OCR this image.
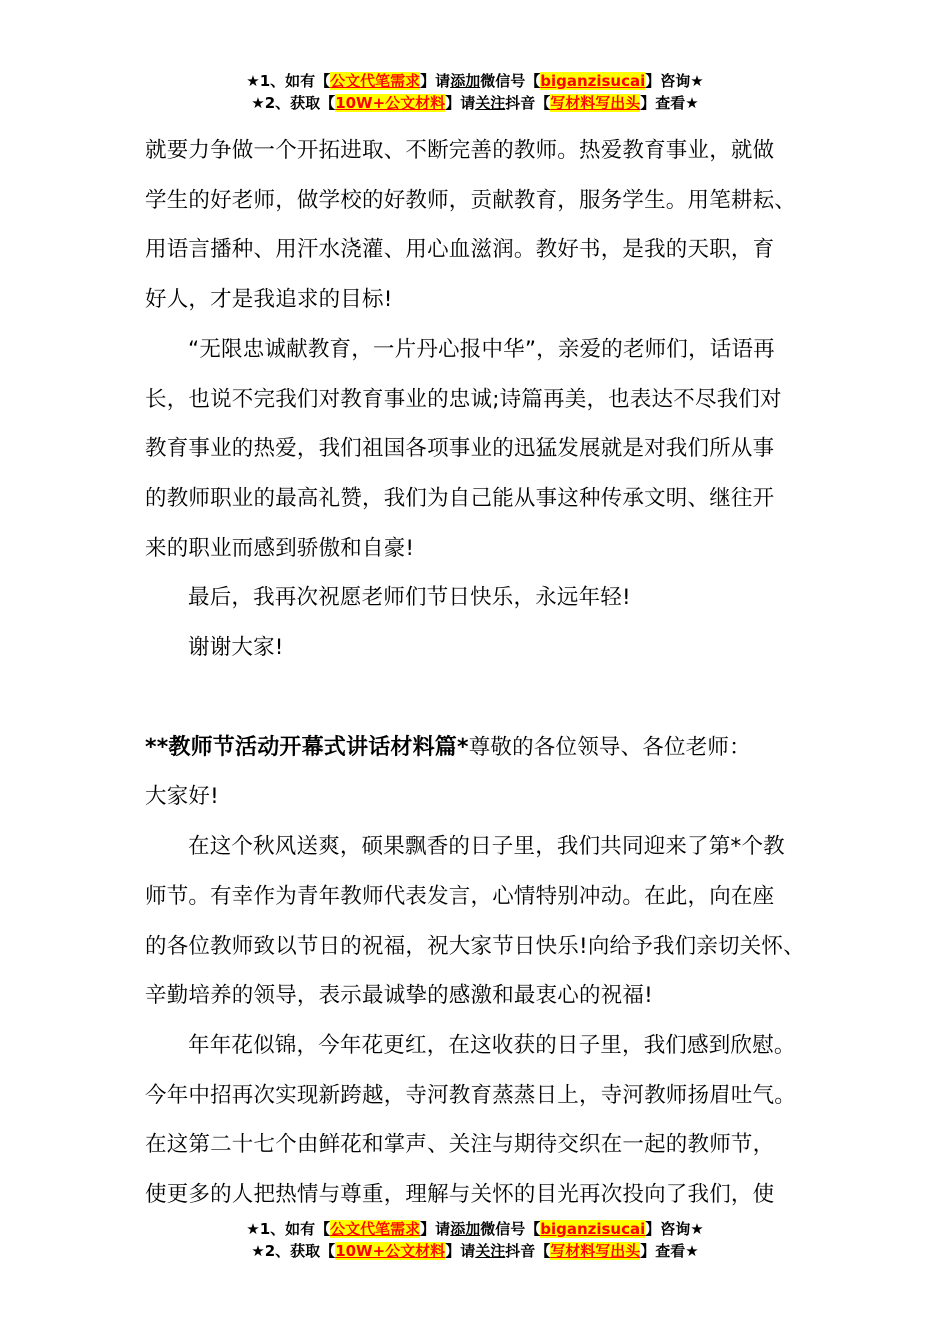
★1、如有【公文代笔需求】请添加微信号【biganzisucai】咨询★
★2、获取【10W+公文材料】请关注抖音【写材料写出头】查看★

就要力争做一个开拓进取、不断完善的教师。热爱教育事业，就做

学生的好老师，做学校的好教师，贡献教育，服务学生。用笔耕耘、

用语言播种、用汗水浇灌、用心血滋润。教好书，是我的天职，育

好人，才是我追求的目标!

“无限忠诚献教育，一片丹心报中华”，亲爱的老师们，话语再

长，也说不完我们对教育事业的忠诚;诗篇再美，也表达不尽我们对

教育事业的热爱，我们祖国各项事业的迅猛发展就是对我们所从事

的教师职业的最高礼赞，我们为自己能从事这种传承文明、继往开

来的职业而感到骄傲和自豪!

最后，我再次祝愿老师们节日快乐，永远年轻!

谢谢大家!

**教师节活动开幕式讲话材料篇*尊敬的各位领导、各位老师：

大家好!

在这个秋风送爽，硕果飘香的日子里，我们共同迎来了第*个教

师节。有幸作为青年教师代表发言，心情特别冲动。在此，向在座

的各位教师致以节日的祝福，祝大家节日快乐!向给予我们亲切关怀、

辛勤培养的领导，表示最诚挚的感激和最衷心的祝福!

年年花似锦，今年花更红，在这收获的日子里，我们感到欣慰。

今年中招再次实现新跨越，寺河教育蒸蒸日上，寺河教师扬眉吐气。

在这第二十七个由鲜花和掌声、关注与期待交织在一起的教师节，

使更多的人把热情与尊重，理解与关怀的目光再次投向了我们，使

★1、如有【公文代笔需求】请添加微信号【biganzisucai】咨询★
★2、获取【10W+公文材料】请关注抖音【写材料写出头】查看★
